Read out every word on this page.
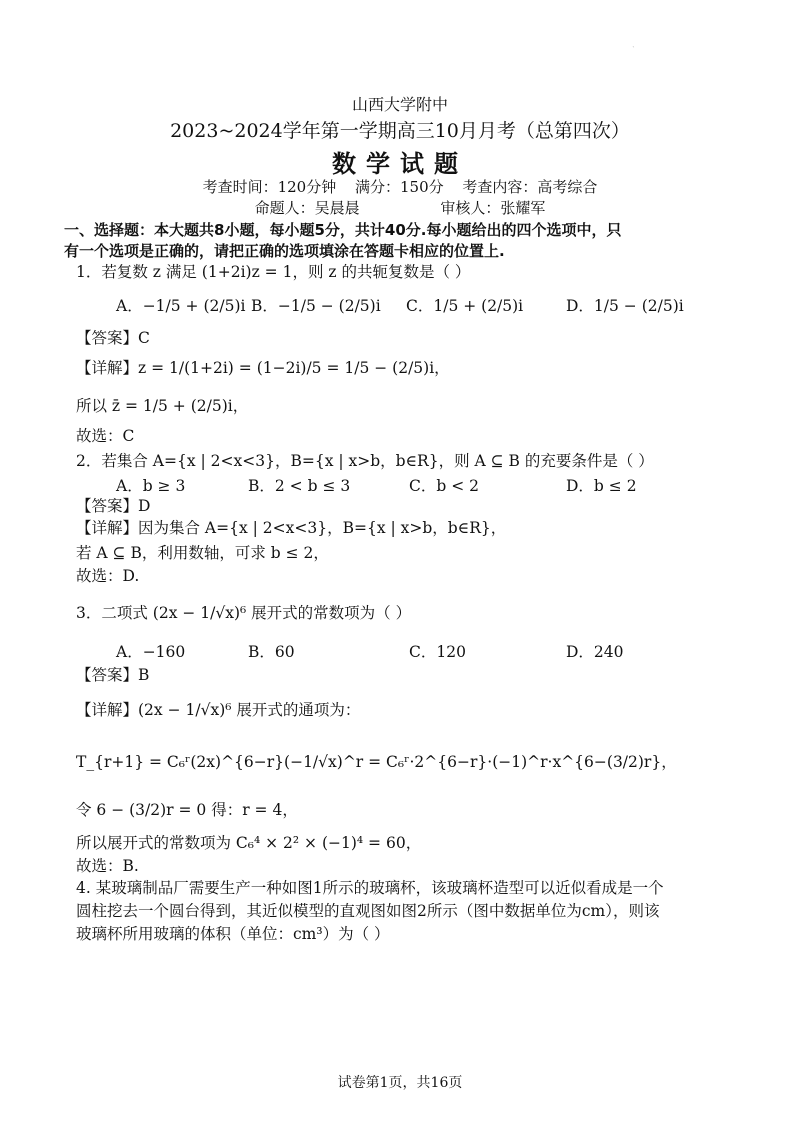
`
山西大学附中
2023~2024学年第一学期高三10月月考（总第四次）
数学试题
考查时间：120分钟 满分：150分 考查内容：高考综合
命题人：吴晨晨	审核人：张耀军
一、选择题：本大题共8小题，每小题5分，共计40分.每小题给出的四个选项中，只
有一个选项是正确的，请把正确的选项填涂在答题卡相应的位置上.
1．若复数 z 满足 (1+2i)z = 1，则 z 的共轭复数是（ ）
A．−1/5 + (2/5)i B．−1/5 − (2/5)i C．1/5 + (2/5)i	D．1/5 − (2/5)i
【答案】C
【详解】z = 1/(1+2i) = (1−2i)/5 = 1/5 − (2/5)i，
所以 z̄ = 1/5 + (2/5)i，
故选：C
2．若集合 A={x | 2<x<3}，B={x | x>b，b∈R}，则 A ⊆ B 的充要条件是（ ）
A．b ≥ 3	B．2 < b ≤ 3	C．b < 2	D．b ≤ 2
【答案】D
【详解】因为集合 A={x | 2<x<3}，B={x | x>b，b∈R}，
若 A ⊆ B，利用数轴，可求 b ≤ 2，
故选：D.
3．二项式 (2x − 1/√x)⁶ 展开式的常数项为（ ）
A．−160	B．60	C．120	D．240
【答案】B
【详解】(2x − 1/√x)⁶ 展开式的通项为：
T_{r+1} = C₆ʳ(2x)^{6−r}(−1/√x)^r = C₆ʳ·2^{6−r}·(−1)^r·x^{6−(3/2)r}，
令 6 − (3/2)r = 0 得：r = 4，
所以展开式的常数项为 C₆⁴ × 2² × (−1)⁴ = 60，
故选：B.
4. 某玻璃制品厂需要生产一种如图1所示的玻璃杯，该玻璃杯造型可以近似看成是一个
圆柱挖去一个圆台得到，其近似模型的直观图如图2所示（图中数据单位为cm），则该
玻璃杯所用玻璃的体积（单位：cm³）为（ ）
试卷第1页，共16页
